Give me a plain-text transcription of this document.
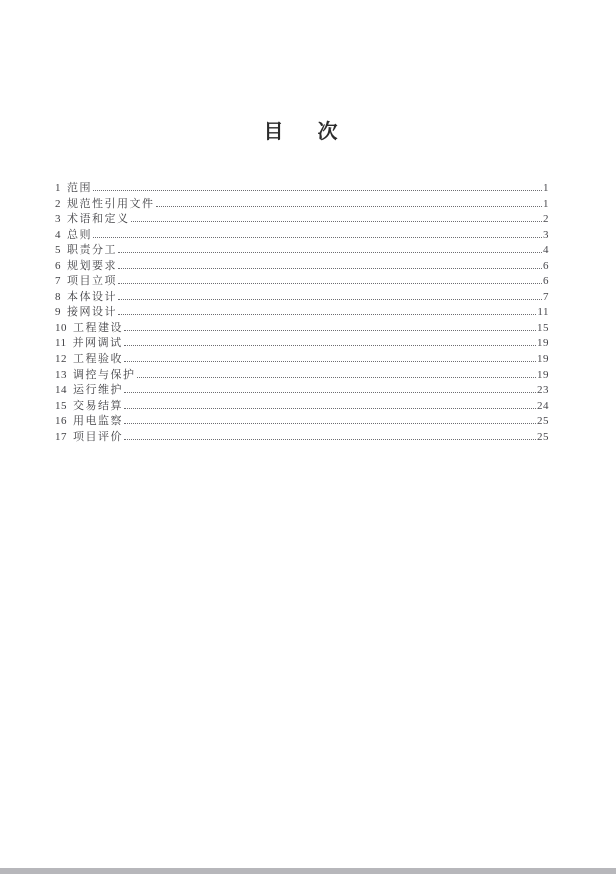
目 次
1 范围	1
2 规范性引用文件	1
3 术语和定义	2
4 总则	3
5 职责分工	4
6 规划要求	6
7 项目立项	6
8 本体设计	7
9 接网设计	11
10 工程建设	15
11 并网调试	19
12 工程验收	19
13 调控与保护	19
14 运行维护	23
15 交易结算	24
16 用电监察	25
17 项目评价	25
